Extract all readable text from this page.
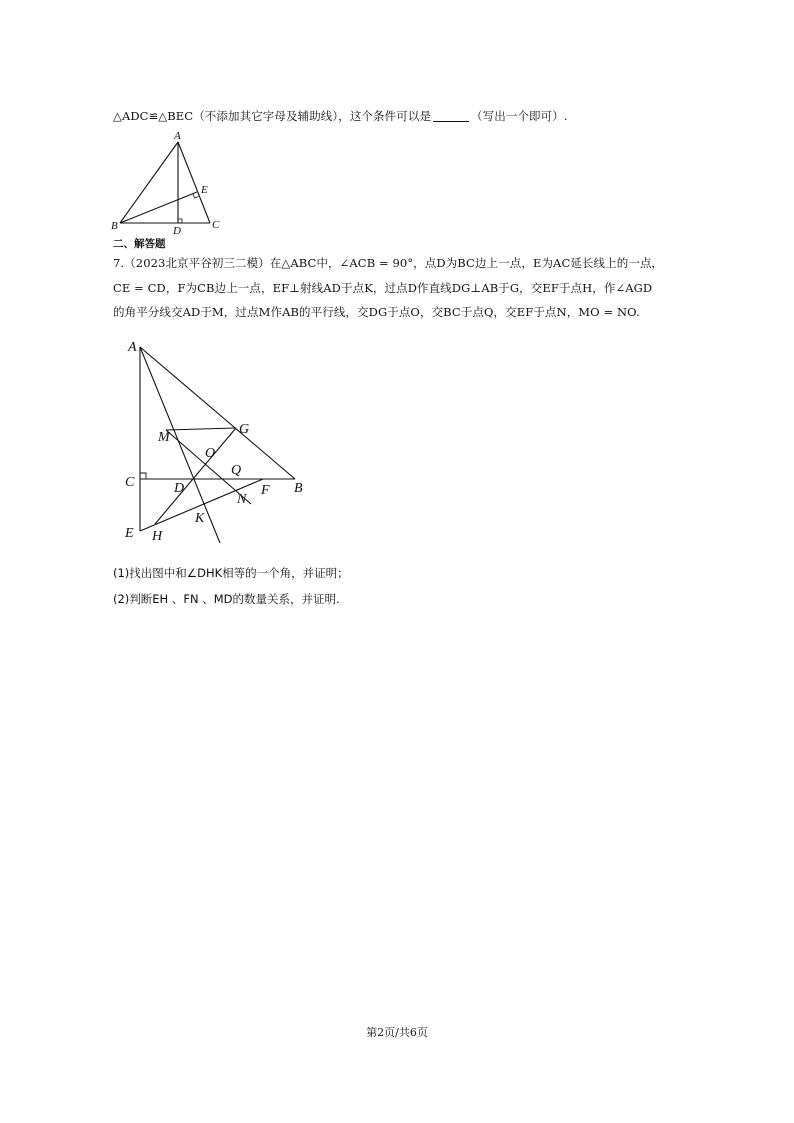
△ADC≌△BEC（不添加其它字母及辅助线），这个条件可以是	（写出一个即可）.
A
B	C
D
E
二、解答题
7.（2023北京平谷初三二模）在△ABC中，∠ACB = 90°，点D为BC边上一点，E为AC延长线上的一点，
CE = CD，F为CB边上一点，EF⊥射线AD于点K，过点D作直线DG⊥AB于G，交EF于点H，作∠AGD
的角平分线交AD于M，过点M作AB的平行线，交DG于点O，交BC于点Q，交EF于点N，MO = NO.
A
M
G
O
Q
C	D	F B
N
K
E H
(1)找出图中和∠DHK相等的一个角，并证明；
(2)判断EH 、FN 、MD的数量关系，并证明.
第2页/共6页
